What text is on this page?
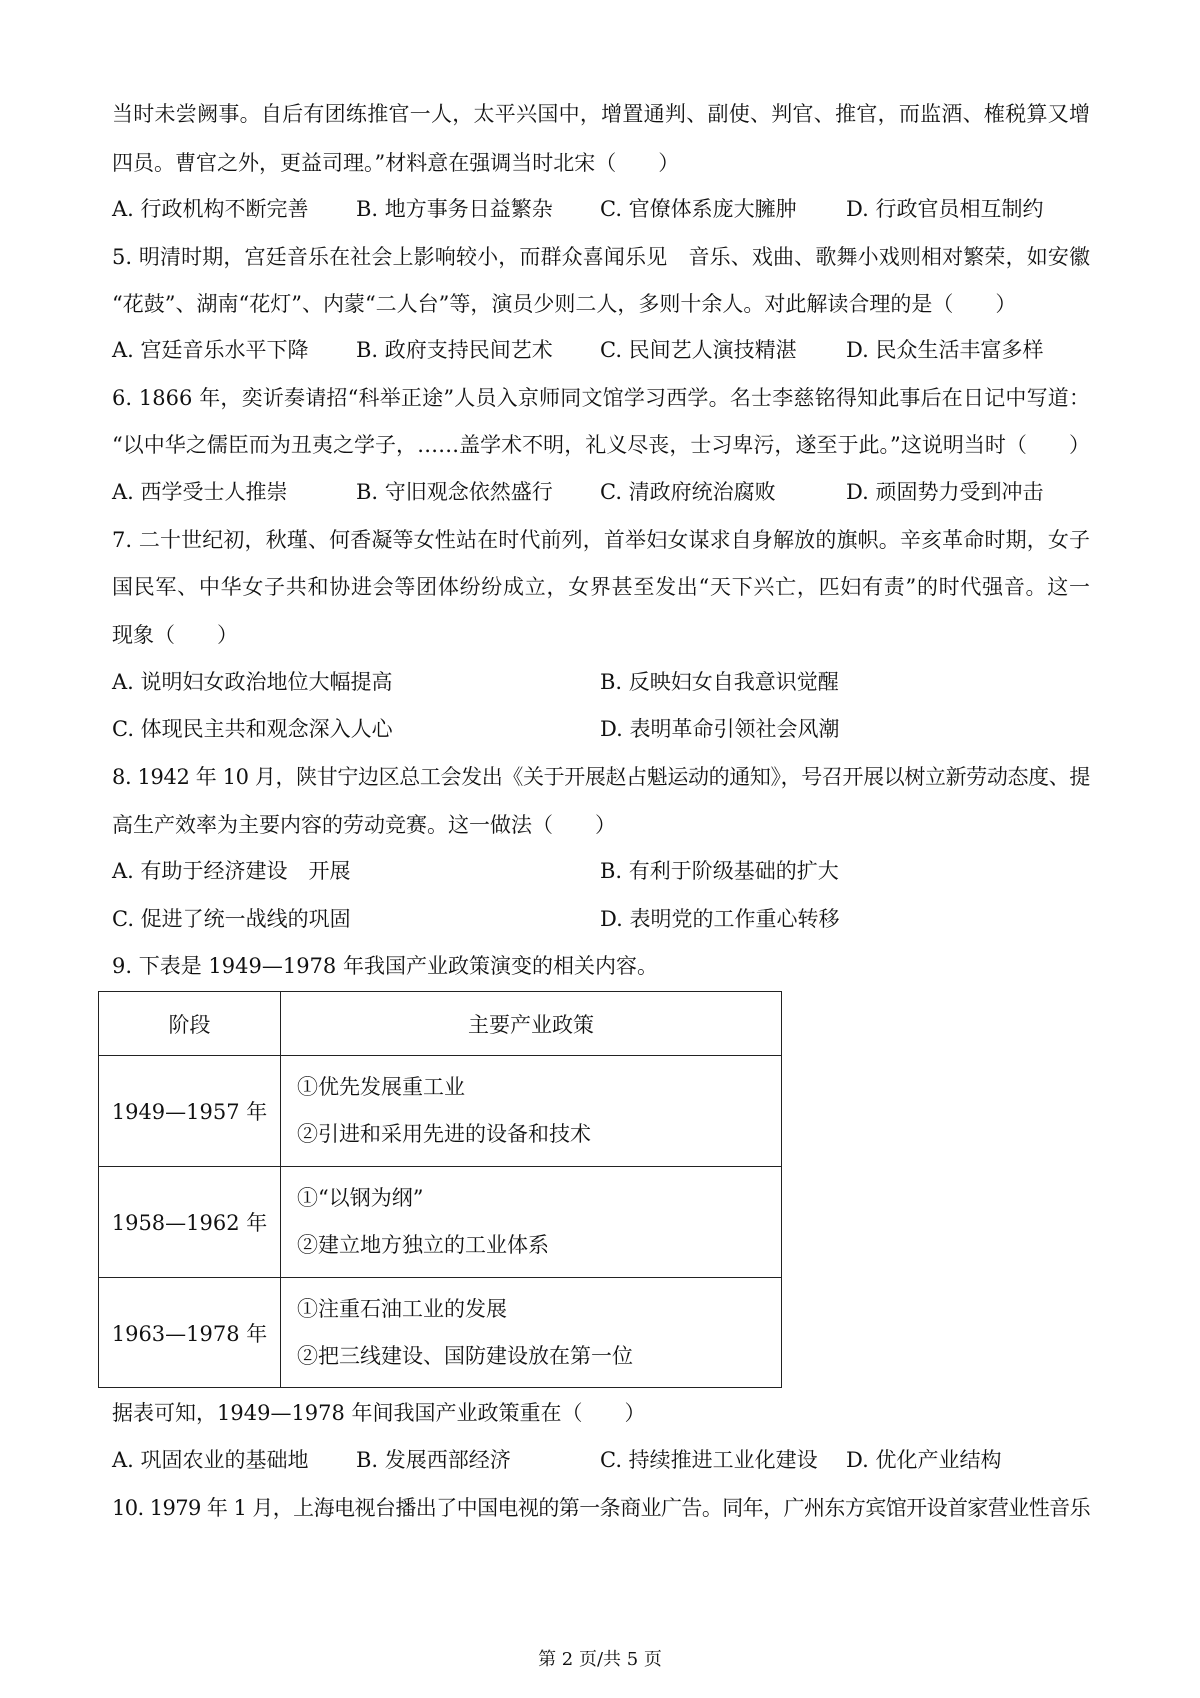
当时未尝阙事。自后有团练推官一人，太平兴国中，增置通判、副使、判官、推官，而监酒、榷税算又增
四员。曹官之外，更益司理。”材料意在强调当时北宋（　　）
A. 行政机构不断完善 B. 地方事务日益繁杂 C. 官僚体系庞大臃肿 D. 行政官员相互制约
5. 明清时期，宫廷音乐在社会上影响较小，而群众喜闻乐见　音乐、戏曲、歌舞小戏则相对繁荣，如安徽
“花鼓”、湖南“花灯”、内蒙“二人台”等，演员少则二人，多则十余人。对此解读合理的是（　　）
A. 宫廷音乐水平下降 B. 政府支持民间艺术 C. 民间艺人演技精湛 D. 民众生活丰富多样
6. 1866 年，奕䜣奏请招“科举正途”人员入京师同文馆学习西学。名士李慈铭得知此事后在日记中写道：
“以中华之儒臣而为丑夷之学子，……盖学术不明，礼义尽丧，士习卑污，遂至于此。”这说明当时（　　）
A. 西学受士人推崇	B. 守旧观念依然盛行 C. 清政府统治腐败	D. 顽固势力受到冲击
7. 二十世纪初，秋瑾、何香凝等女性站在时代前列，首举妇女谋求自身解放的旗帜。辛亥革命时期，女子
国民军、中华女子共和协进会等团体纷纷成立，女界甚至发出“天下兴亡，匹妇有责”的时代强音。这一
现象（　　）
A. 说明妇女政治地位大幅提高	B. 反映妇女自我意识觉醒
C. 体现民主共和观念深入人心	D. 表明革命引领社会风潮
8. 1942 年 10 月，陕甘宁边区总工会发出《关于开展赵占魁运动的通知》，号召开展以树立新劳动态度、提
高生产效率为主要内容的劳动竞赛。这一做法（　　）
A. 有助于经济建设　开展	B. 有利于阶级基础的扩大
C. 促进了统一战线的巩固	D. 表明党的工作重心转移
9. 下表是 1949—1978 年我国产业政策演变的相关内容。
阶段	主要产业政策
1949—1957 年	①优先发展重工业
②引进和采用先进的设备和技术

1958—1962 年	①“以钢为纲”
②建立地方独立的工业体系

1963—1978 年	①注重石油工业的发展
②把三线建设、国防建设放在第一位
据表可知，1949—1978 年间我国产业政策重在（　　）
A. 巩固农业的基础地 B. 发展西部经济	C. 持续推进工业化建设 D. 优化产业结构
10. 1979 年 1 月，上海电视台播出了中国电视的第一条商业广告。同年，广州东方宾馆开设首家营业性音乐
第 2 页/共 5 页
